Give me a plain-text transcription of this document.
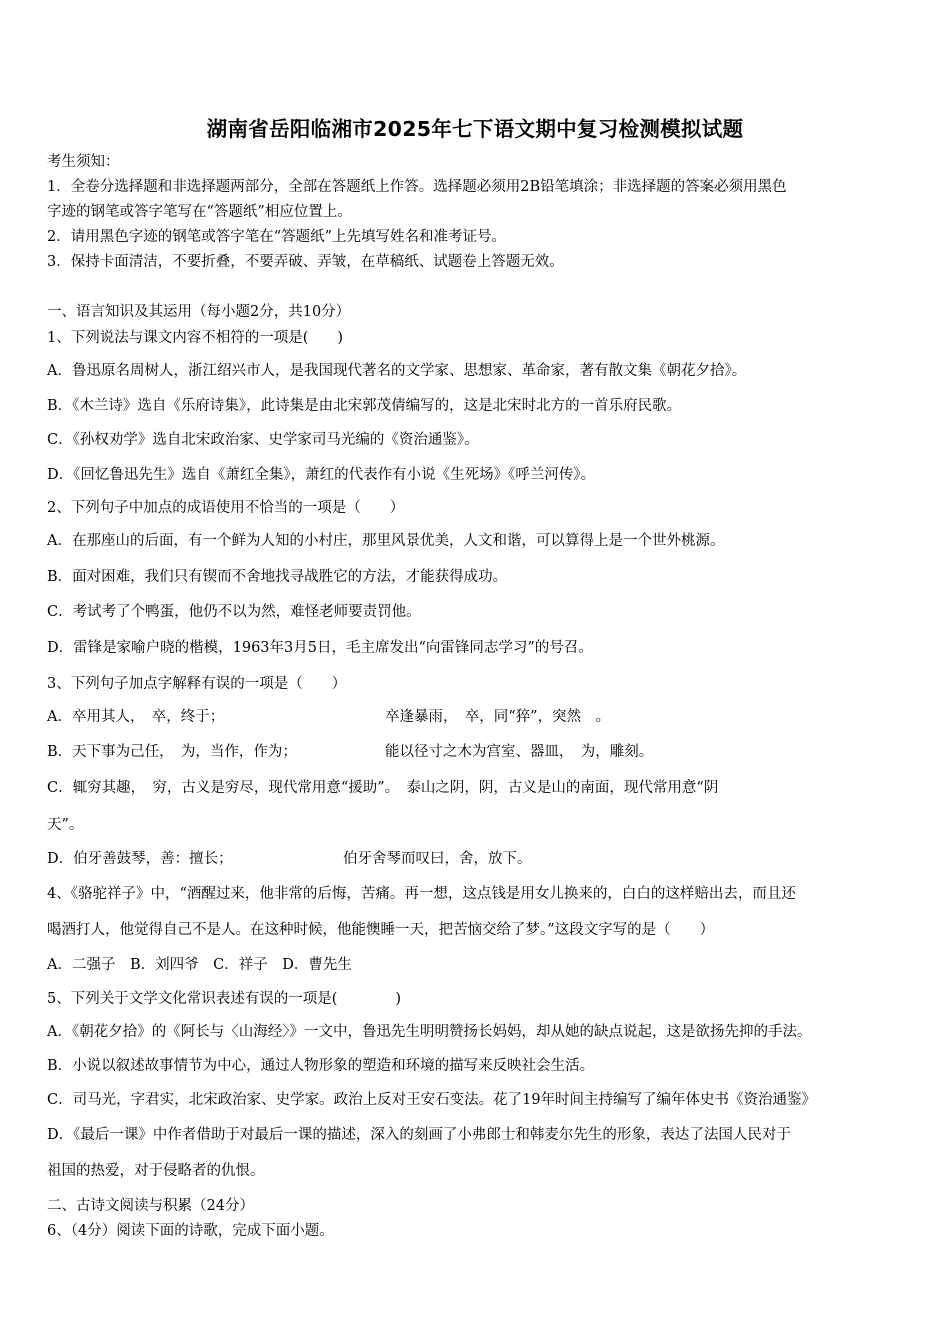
湖南省岳阳临湘市2025年七下语文期中复习检测模拟试题
考生须知：
1．全卷分选择题和非选择题两部分，全部在答题纸上作答。选择题必须用2B铅笔填涂；非选择题的答案必须用黑色
字迹的钢笔或答字笔写在“答题纸”相应位置上。
2．请用黑色字迹的钢笔或答字笔在“答题纸”上先填写姓名和准考证号。
3．保持卡面清洁，不要折叠，不要弄破、弄皱，在草稿纸、试题卷上答题无效。
一、语言知识及其运用（每小题2分，共10分）
1、下列说法与课文内容不相符的一项是(　　)
A．鲁迅原名周树人，浙江绍兴市人，是我国现代著名的文学家、思想家、革命家，著有散文集《朝花夕拾》。
B．《木兰诗》选自《乐府诗集》，此诗集是由北宋郭茂倩编写的，这是北宋时北方的一首乐府民歌。
C．《孙权劝学》选自北宋政治家、史学家司马光编的《资治通鉴》。
D．《回忆鲁迅先生》选自《萧红全集》，萧红的代表作有小说《生死场》《呼兰河传》。
2、下列句子中加点的成语使用不恰当的一项是（　　）
A．在那座山的后面，有一个鲜为人知的小村庄，那里风景优美，人文和谐，可以算得上是一个世外桃源。
B．面对困难，我们只有锲而不舍地找寻战胜它的方法，才能获得成功。
C．考试考了个鸭蛋，他仍不以为然，难怪老师要责罚他。
D．雷锋是家喻户晓的楷模，1963年3月5日，毛主席发出“向雷锋同志学习”的号召。
3、下列句子加点字解释有误的一项是（　　）
A．卒用其人，　卒，终于；	卒逢暴雨，　卒，同“猝”，突然　。
B．天下事为己任，　为，当作，作为；	能以径寸之木为宫室、器皿，　为，雕刻。
C．辄穷其趣，　穷，古义是穷尽，现代常用意“援助”。　泰山之阴，阴，古义是山的南面，现代常用意“阴
天”。
D．伯牙善鼓琴，善：擅长；	伯牙舍琴而叹曰，舍，放下。
4、《骆驼祥子》中，“酒醒过来，他非常的后悔，苦痛。再一想，这点钱是用女儿换来的，白白的这样赔出去，而且还
喝酒打人，他觉得自己不是人。在这种时候，他能懊睡一天，把苦恼交给了梦。”这段文字写的是（　　）
A．二强子　B．刘四爷　C．祥子　D．曹先生
5、下列关于文学文化常识表述有误的一项是(　　　　)
A．《朝花夕拾》的《阿长与〈山海经〉》一文中，鲁迅先生明明赞扬长妈妈，却从她的缺点说起，这是欲扬先抑的手法。
B．小说以叙述故事情节为中心，通过人物形象的塑造和环境的描写来反映社会生活。
C．司马光，字君实，北宋政治家、史学家。政治上反对王安石变法。花了19年时间主持编写了编年体史书《资治通鉴》
D．《最后一课》中作者借助于对最后一课的描述，深入的刻画了小弗郎士和韩麦尔先生的形象，表达了法国人民对于
祖国的热爱，对于侵略者的仇恨。
二、古诗文阅读与积累（24分）
6、（4分）阅读下面的诗歌，完成下面小题。
